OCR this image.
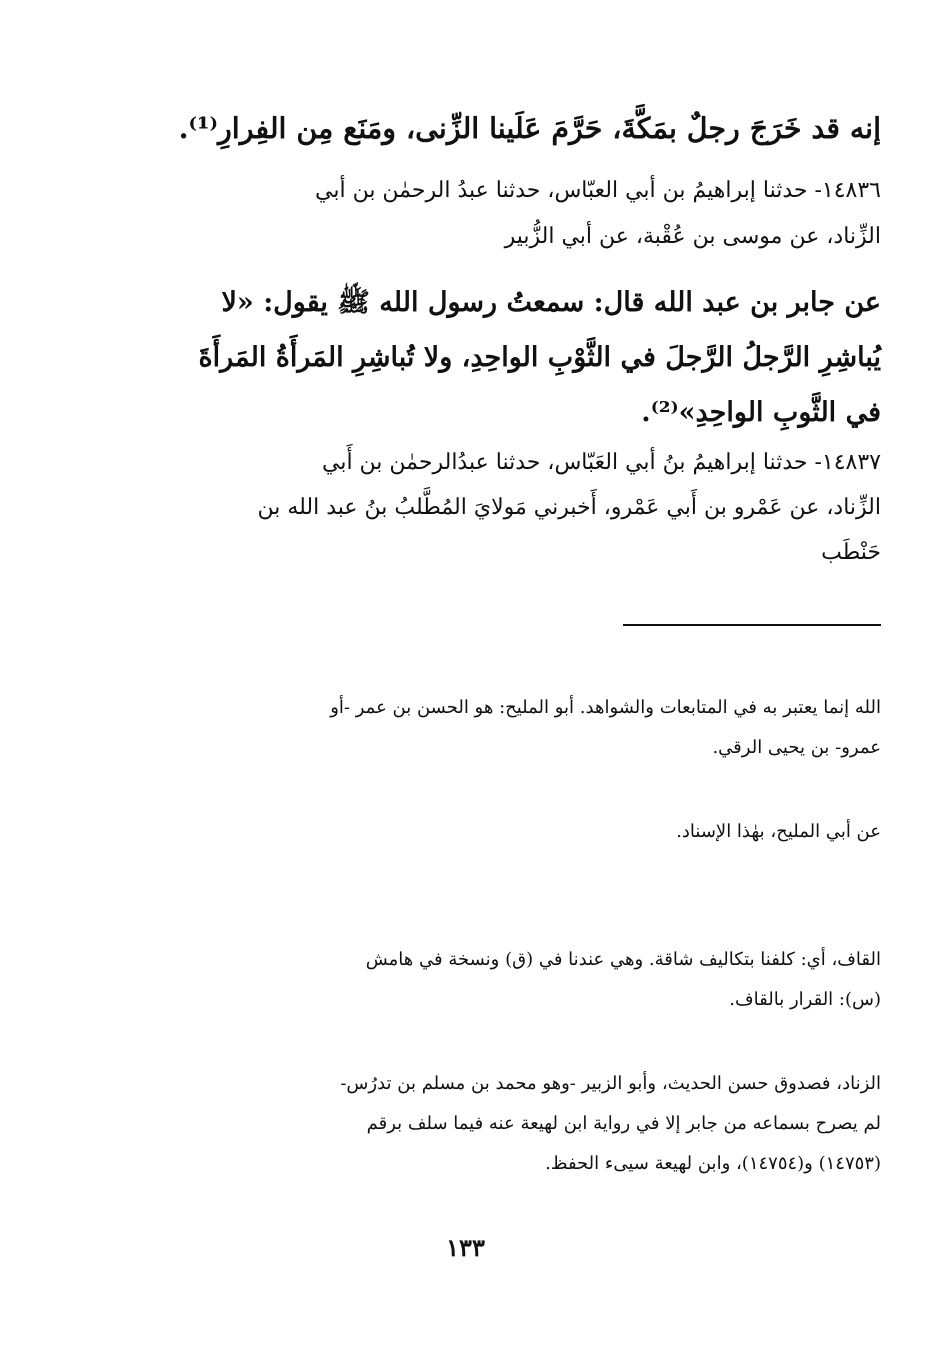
إنه قد خَرَجَ رجلٌ بمَكَّةَ، حَرَّمَ عَلَينا الزِّنى، ومَنَع مِن الفِرارِ⁽¹⁾.
١٤٨٣٦- حدثنا إبراهيمُ بن أبي العبّاس، حدثنا عبدُ الرحمٰن بن أبي
الزِّناد، عن موسى بن عُقْبة، عن أبي الزُّبير
عن جابر بن عبد الله قال: سمعتُ رسول الله ﷺ يقول: «لا
يُباشِرِ الرَّجلُ الرَّجلَ في الثَّوْبِ الواحِدِ، ولا تُباشِرِ المَرأَةُ المَرأَةَ
في الثَّوبِ الواحِدِ»⁽²⁾.
١٤٨٣٧- حدثنا إبراهيمُ بنُ أبي العَبّاس، حدثنا عبدُالرحمٰن بن أَبي
الزِّناد، عن عَمْرو بن أَبي عَمْرو، أَخبرني مَولايَ المُطَّلبُ بنُ عبد الله بن
حَنْطَب
الله إنما يعتبر به في المتابعات والشواهد. أبو المليح: هو الحسن بن عمر -أو
عمرو- بن يحيى الرقي.
عن أبي المليح، بهٰذا الإسناد.
القاف، أي: كلفنا بتكاليف شاقة. وهي عندنا في (ق) ونسخة في هامش
(س): القرار بالقاف.
الزناد، فصدوق حسن الحديث، وأبو الزبير -وهو محمد بن مسلم بن تدرُس-
لم يصرح بسماعه من جابر إلا في رواية ابن لهيعة عنه فيما سلف برقم
(١٤٧٥٣) و(١٤٧٥٤)، وابن لهيعة سيىء الحفظ.
١٣٣
